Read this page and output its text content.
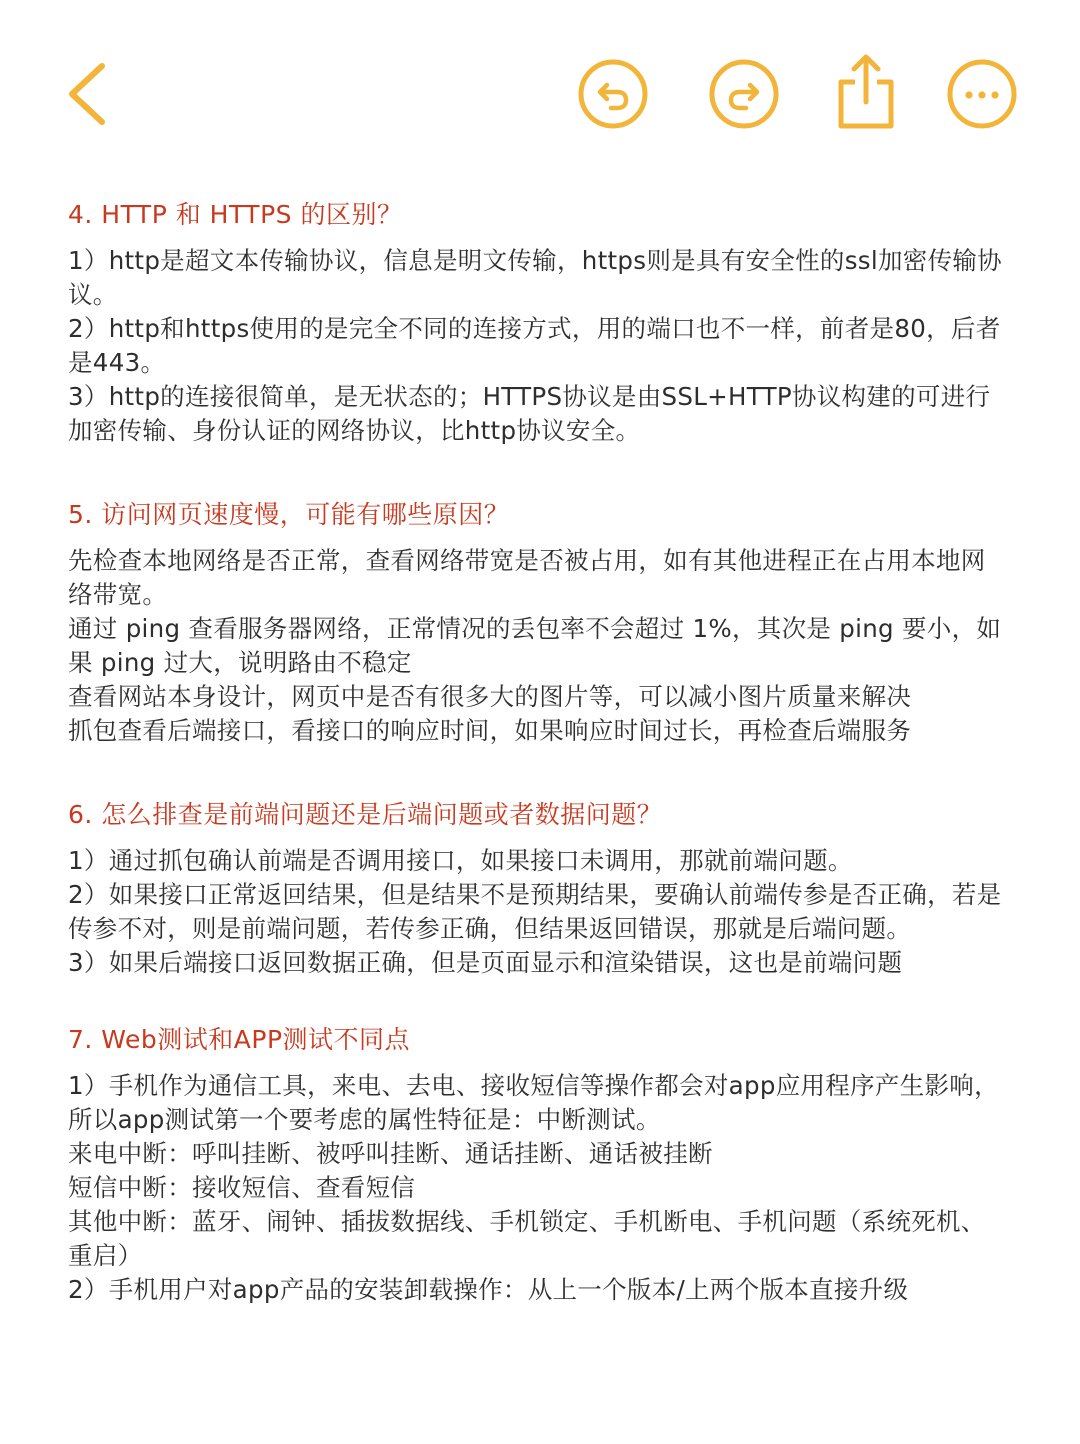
4. HTTP 和 HTTPS 的区别？

1）http是超文本传输协议，信息是明文传输，https则是具有安全性的ssl加密传输协议。

2）http和https使用的是完全不同的连接方式，用的端口也不一样，前者是80，后者是443。

3）http的连接很简单，是无状态的；HTTPS协议是由SSL+HTTP协议构建的可进行加密传输、身份认证的网络协议，比http协议安全。

5. 访问网页速度慢，可能有哪些原因？

先检查本地网络是否正常，查看网络带宽是否被占用，如有其他进程正在占用本地网络带宽。

通过 ping 查看服务器网络，正常情况的丢包率不会超过 1%，其次是 ping 要小，如果 ping 过大，说明路由不稳定

查看网站本身设计，网页中是否有很多大的图片等，可以减小图片质量来解决

抓包查看后端接口，看接口的响应时间，如果响应时间过长，再检查后端服务

6. 怎么排查是前端问题还是后端问题或者数据问题？

1）通过抓包确认前端是否调用接口，如果接口未调用，那就前端问题。

2）如果接口正常返回结果，但是结果不是预期结果，要确认前端传参是否正确，若是传参不对，则是前端问题，若传参正确，但结果返回错误，那就是后端问题。

3）如果后端接口返回数据正确，但是页面显示和渲染错误，这也是前端问题

7. Web测试和APP测试不同点

1）手机作为通信工具，来电、去电、接收短信等操作都会对app应用程序产生影响，所以app测试第一个要考虑的属性特征是：中断测试。

来电中断：呼叫挂断、被呼叫挂断、通话挂断、通话被挂断

短信中断：接收短信、查看短信

其他中断：蓝牙、闹钟、插拔数据线、手机锁定、手机断电、手机问题（系统死机、重启）

2）手机用户对app产品的安装卸载操作：从上一个版本/上两个版本直接升级
